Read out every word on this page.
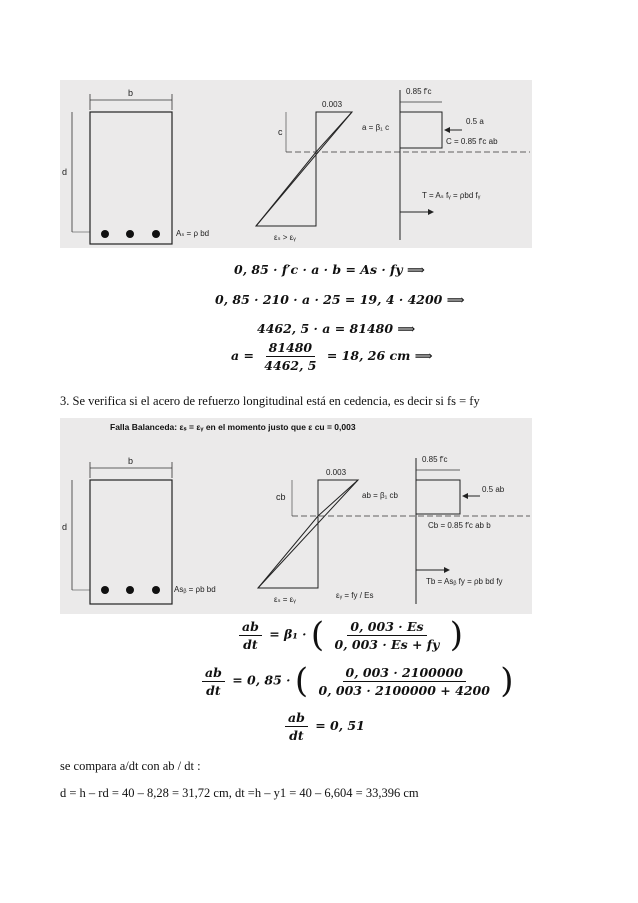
b
d
Aₛ = ρ bd
0.003
c
εₛ > εᵧ
0.85 f′c
a = β₁ c
0.5 a
C = 0.85 f′c ab
T = Aₛ fᵧ = ρbd fᵧ
0, 85 · f′c · a · b = As · fy ⟹
0, 85 · 210 · a · 25 = 19, 4 · 4200 ⟹
4462, 5 · a = 81480 ⟹
$a = \frac{81480}{4462, 5} = 18$, 26 cm ⟹
3. Se verifica si el acero de refuerzo longitudinal está en cedencia, es decir si fs = fy
Falla Balanceda: εₛ = εᵧ en el momento justo que ε cu = 0,003
b
d
Asᵦ = ρb bd
0.003
cb
εₛ = εᵧ	εᵧ = fy / Es
0.85 f′c
ab = β₁ cb
0.5 ab
Cb = 0.85 f′c ab b
Tb = Asᵦ fy = ρb bd fy
$\frac{ab}{dt} = \beta_1$ · ( $\frac{0, 003 \cdot Es}{0, 003 \cdot Es + fy}$ )
$\frac{ab}{dt} = 0$, 85 · ( $\frac{0, 003 \cdot 2100000}{0, 003 \cdot 2100000 + 4200}$ )
$\frac{ab}{dt} = 0$, 51
se compara a/dt con ab / dt :
d = h – rd = 40 – 8,28 = 31,72 cm, dt =h – y1 = 40 – 6,604 = 33,396 cm
